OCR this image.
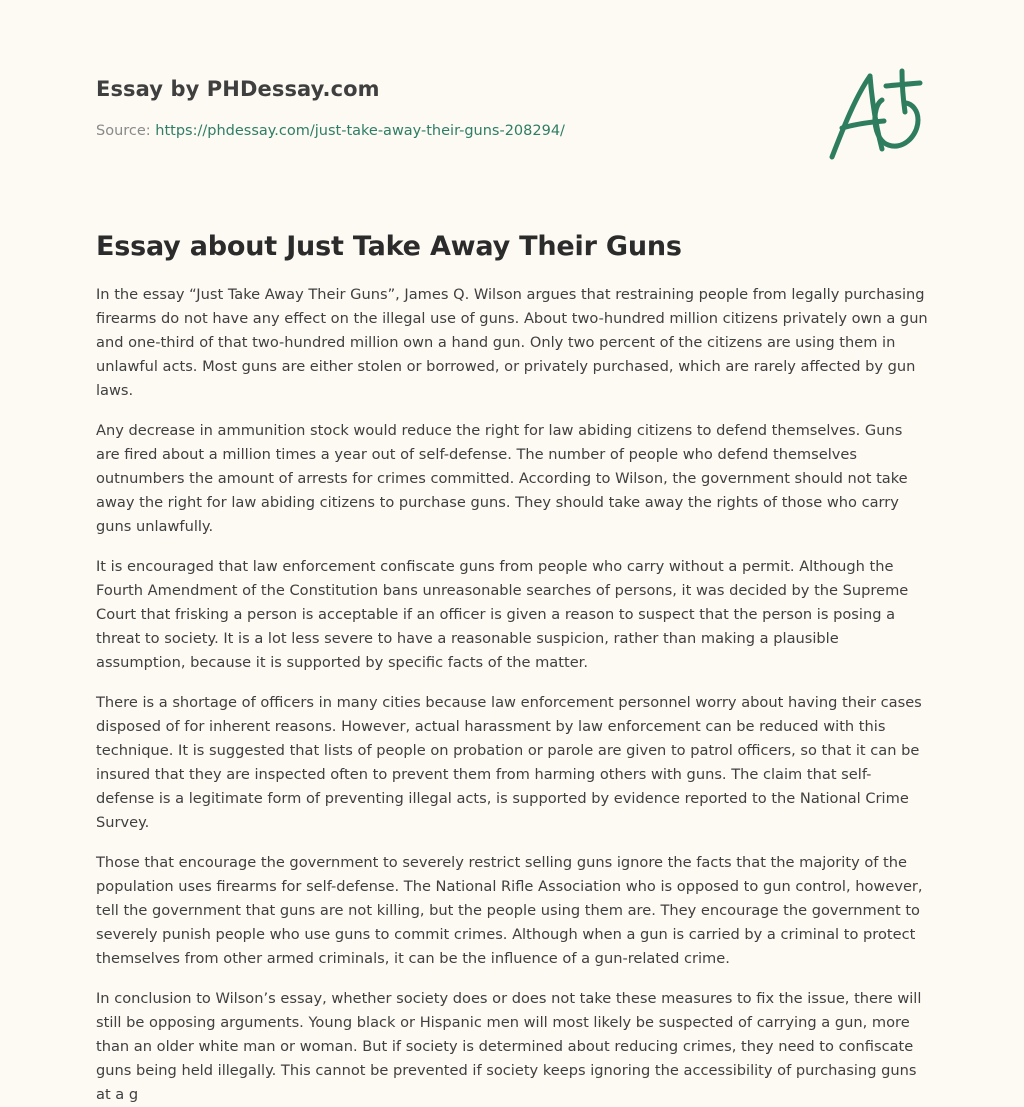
Essay by PHDessay.com
Source: https://phdessay.com/just-take-away-their-guns-208294/
Essay about Just Take Away Their Guns

In the essay “Just Take Away Their Guns”, James Q. Wilson argues that restraining people from legally purchasing firearms do not have any effect on the illegal use of guns. About two-hundred million citizens privately own a gun and one-third of that two-hundred million own a hand gun. Only two percent of the citizens are using them in unlawful acts. Most guns are either stolen or borrowed, or privately purchased, which are rarely affected by gun laws.

Any decrease in ammunition stock would reduce the right for law abiding citizens to defend themselves. Guns are fired about a million times a year out of self-defense. The number of people who defend themselves outnumbers the amount of arrests for crimes committed. According to Wilson, the government should not take away the right for law abiding citizens to purchase guns. They should take away the rights of those who carry guns unlawfully.

It is encouraged that law enforcement confiscate guns from people who carry without a permit. Although the Fourth Amendment of the Constitution bans unreasonable searches of persons, it was decided by the Supreme Court that frisking a person is acceptable if an officer is given a reason to suspect that the person is posing a threat to society. It is a lot less severe to have a reasonable suspicion, rather than making a plausible assumption, because it is supported by specific facts of the matter.

There is a shortage of officers in many cities because law enforcement personnel worry about having their cases disposed of for inherent reasons. However, actual harassment by law enforcement can be reduced with this technique. It is suggested that lists of people on probation or parole are given to patrol officers, so that it can be insured that they are inspected often to prevent them from harming others with guns. The claim that self-defense is a legitimate form of preventing illegal acts, is supported by evidence reported to the National Crime Survey.

Those that encourage the government to severely restrict selling guns ignore the facts that the majority of the population uses firearms for self-defense. The National Rifle Association who is opposed to gun control, however, tell the government that guns are not killing, but the people using them are. They encourage the government to severely punish people who use guns to commit crimes. Although when a gun is carried by a criminal to protect themselves from other armed criminals, it can be the influence of a gun-related crime.

In conclusion to Wilson’s essay, whether society does or does not take these measures to fix the issue, there will still be opposing arguments. Young black or Hispanic men will most likely be suspected of carrying a gun, more than an older white man or woman. But if society is determined about reducing crimes, they need to confiscate guns being held illegally. This cannot be prevented if society keeps ignoring the accessibility of purchasing guns at a g
